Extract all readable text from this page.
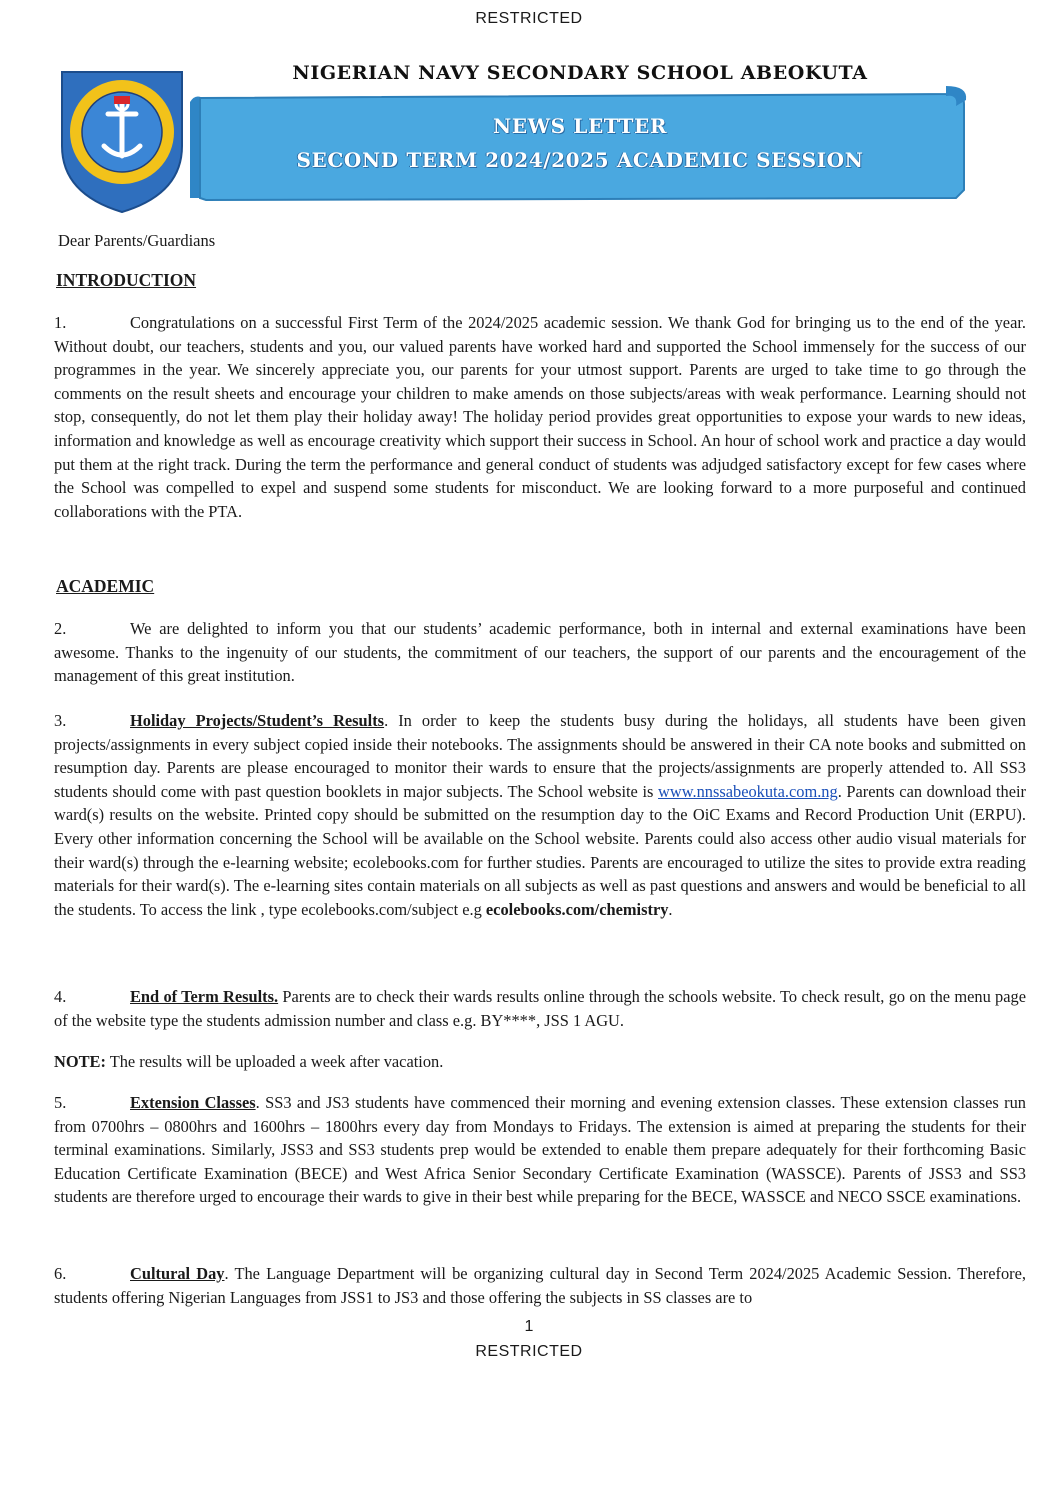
RESTRICTED
NIGERIAN NAVY SECONDARY SCHOOL ABEOKUTA
NEWS LETTER
SECOND TERM 2024/2025 ACADEMIC SESSION
Dear Parents/Guardians
INTRODUCTION

1.	Congratulations on a successful First Term of the 2024/2025 academic session. We thank God for bringing us to the end of the year. Without doubt, our teachers, students and you, our valued parents have worked hard and supported the School immensely for the success of our programmes in the year. We sincerely appreciate you, our parents for your utmost support. Parents are urged to take time to go through the comments on the result sheets and encourage your children to make amends on those subjects/areas with weak performance. Learning should not stop, consequently, do not let them play their holiday away! The holiday period provides great opportunities to expose your wards to new ideas, information and knowledge as well as encourage creativity which support their success in School. An hour of school work and practice a day would put them at the right track. During the term the performance and general conduct of students was adjudged satisfactory except for few cases where the School was compelled to expel and suspend some students for misconduct. We are looking forward to a more purposeful and continued collaborations with the PTA.

ACADEMIC

2.	We are delighted to inform you that our students’ academic performance, both in internal and external examinations have been awesome. Thanks to the ingenuity of our students, the commitment of our teachers, the support of our parents and the encouragement of the management of this great institution.

3.	Holiday Projects/Student’s Results. In order to keep the students busy during the holidays, all students have been given projects/assignments in every subject copied inside their notebooks. The assignments should be answered in their CA note books and submitted on resumption day. Parents are please encouraged to monitor their wards to ensure that the projects/assignments are properly attended to. All SS3 students should come with past question booklets in major subjects. The School website is www.nnssabeokuta.com.ng. Parents can download their ward(s) results on the website. Printed copy should be submitted on the resumption day to the OiC Exams and Record Production Unit (ERPU). Every other information concerning the School will be available on the School website. Parents could also access other audio visual materials for their ward(s) through the e-learning website; ecolebooks.com for further studies. Parents are encouraged to utilize the sites to provide extra reading materials for their ward(s). The e-learning sites contain materials on all subjects as well as past questions and answers and would be beneficial to all the students. To access the link , type ecolebooks.com/subject e.g ecolebooks.com/chemistry.

4.	End of Term Results. Parents are to check their wards results online through the schools website. To check result, go on the menu page of the website type the students admission number and class e.g. BY****, JSS 1 AGU.

NOTE: The results will be uploaded a week after vacation.

5.	Extension Classes. SS3 and JS3 students have commenced their morning and evening extension classes. These extension classes run from 0700hrs – 0800hrs and 1600hrs – 1800hrs every day from Mondays to Fridays. The extension is aimed at preparing the students for their terminal examinations. Similarly, JSS3 and SS3 students prep would be extended to enable them prepare adequately for their forthcoming Basic Education Certificate Examination (BECE) and West Africa Senior Secondary Certificate Examination (WASSCE). Parents of JSS3 and SS3 students are therefore urged to encourage their wards to give in their best while preparing for the BECE, WASSCE and NECO SSCE examinations.

6.	Cultural Day. The Language Department will be organizing cultural day in Second Term 2024/2025 Academic Session. Therefore, students offering Nigerian Languages from JSS1 to JS3 and those offering the subjects in SS classes are to

1
RESTRICTED
